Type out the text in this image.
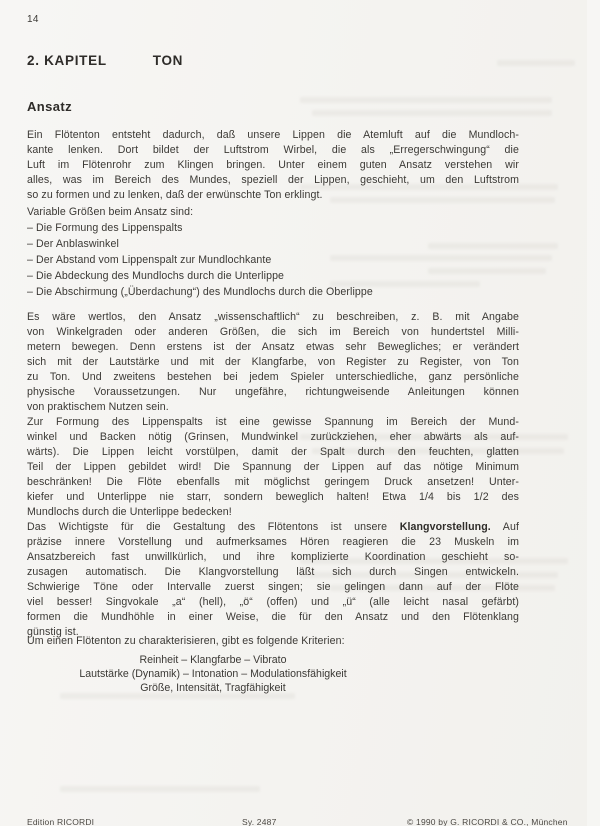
14
2. KAPITEL	TON
Ansatz
Ein Flötenton entsteht dadurch, daß unsere Lippen die Atemluft auf die Mundloch-
kante lenken. Dort bildet der Luftstrom Wirbel, die als „Erregerschwingung“ die
Luft im Flötenrohr zum Klingen bringen. Unter einem guten Ansatz verstehen wir
alles, was im Bereich des Mundes, speziell der Lippen, geschieht, um den Luftstrom
so zu formen und zu lenken, daß der erwünschte Ton erklingt.
Variable Größen beim Ansatz sind:
– Die Formung des Lippenspalts
– Der Anblaswinkel
– Der Abstand vom Lippenspalt zur Mundlochkante
– Die Abdeckung des Mundlochs durch die Unterlippe
– Die Abschirmung („Überdachung“) des Mundlochs durch die Oberlippe
Es wäre wertlos, den Ansatz „wissenschaftlich“ zu beschreiben, z. B. mit Angabe
von Winkelgraden oder anderen Größen, die sich im Bereich von hundertstel Milli-
metern bewegen. Denn erstens ist der Ansatz etwas sehr Bewegliches; er verändert
sich mit der Lautstärke und mit der Klangfarbe, von Register zu Register, von Ton
zu Ton. Und zweitens bestehen bei jedem Spieler unterschiedliche, ganz persönliche
physische Voraussetzungen. Nur ungefähre, richtungweisende Anleitungen können
von praktischem Nutzen sein.
Zur Formung des Lippenspalts ist eine gewisse Spannung im Bereich der Mund-
winkel und Backen nötig (Grinsen, Mundwinkel zurückziehen, eher abwärts als auf-
wärts). Die Lippen leicht vorstülpen, damit der Spalt durch den feuchten, glatten
Teil der Lippen gebildet wird! Die Spannung der Lippen auf das nötige Minimum
beschränken! Die Flöte ebenfalls mit möglichst geringem Druck ansetzen! Unter-
kiefer und Unterlippe nie starr, sondern beweglich halten! Etwa 1/4 bis 1/2 des
Mundlochs durch die Unterlippe bedecken!
Das Wichtigste für die Gestaltung des Flötentons ist unsere Klangvorstellung. Auf
präzise innere Vorstellung und aufmerksames Hören reagieren die 23 Muskeln im
Ansatzbereich fast unwillkürlich, und ihre komplizierte Koordination geschieht so-
zusagen automatisch. Die Klangvorstellung läßt sich durch Singen entwickeln.
Schwierige Töne oder Intervalle zuerst singen; sie gelingen dann auf der Flöte
viel besser! Singvokale „a“ (hell), „ö“ (offen) und „ü“ (alle leicht nasal gefärbt)
formen die Mundhöhle in einer Weise, die für den Ansatz und den Flötenklang
günstig ist.
Um einen Flötenton zu charakterisieren, gibt es folgende Kriterien:
Reinheit – Klangfarbe – Vibrato
Lautstärke (Dynamik) – Intonation – Modulationsfähigkeit
Größe, Intensität, Tragfähigkeit
Edition RICORDI	Sy. 2487	© 1990 by G. RICORDI & CO., München
